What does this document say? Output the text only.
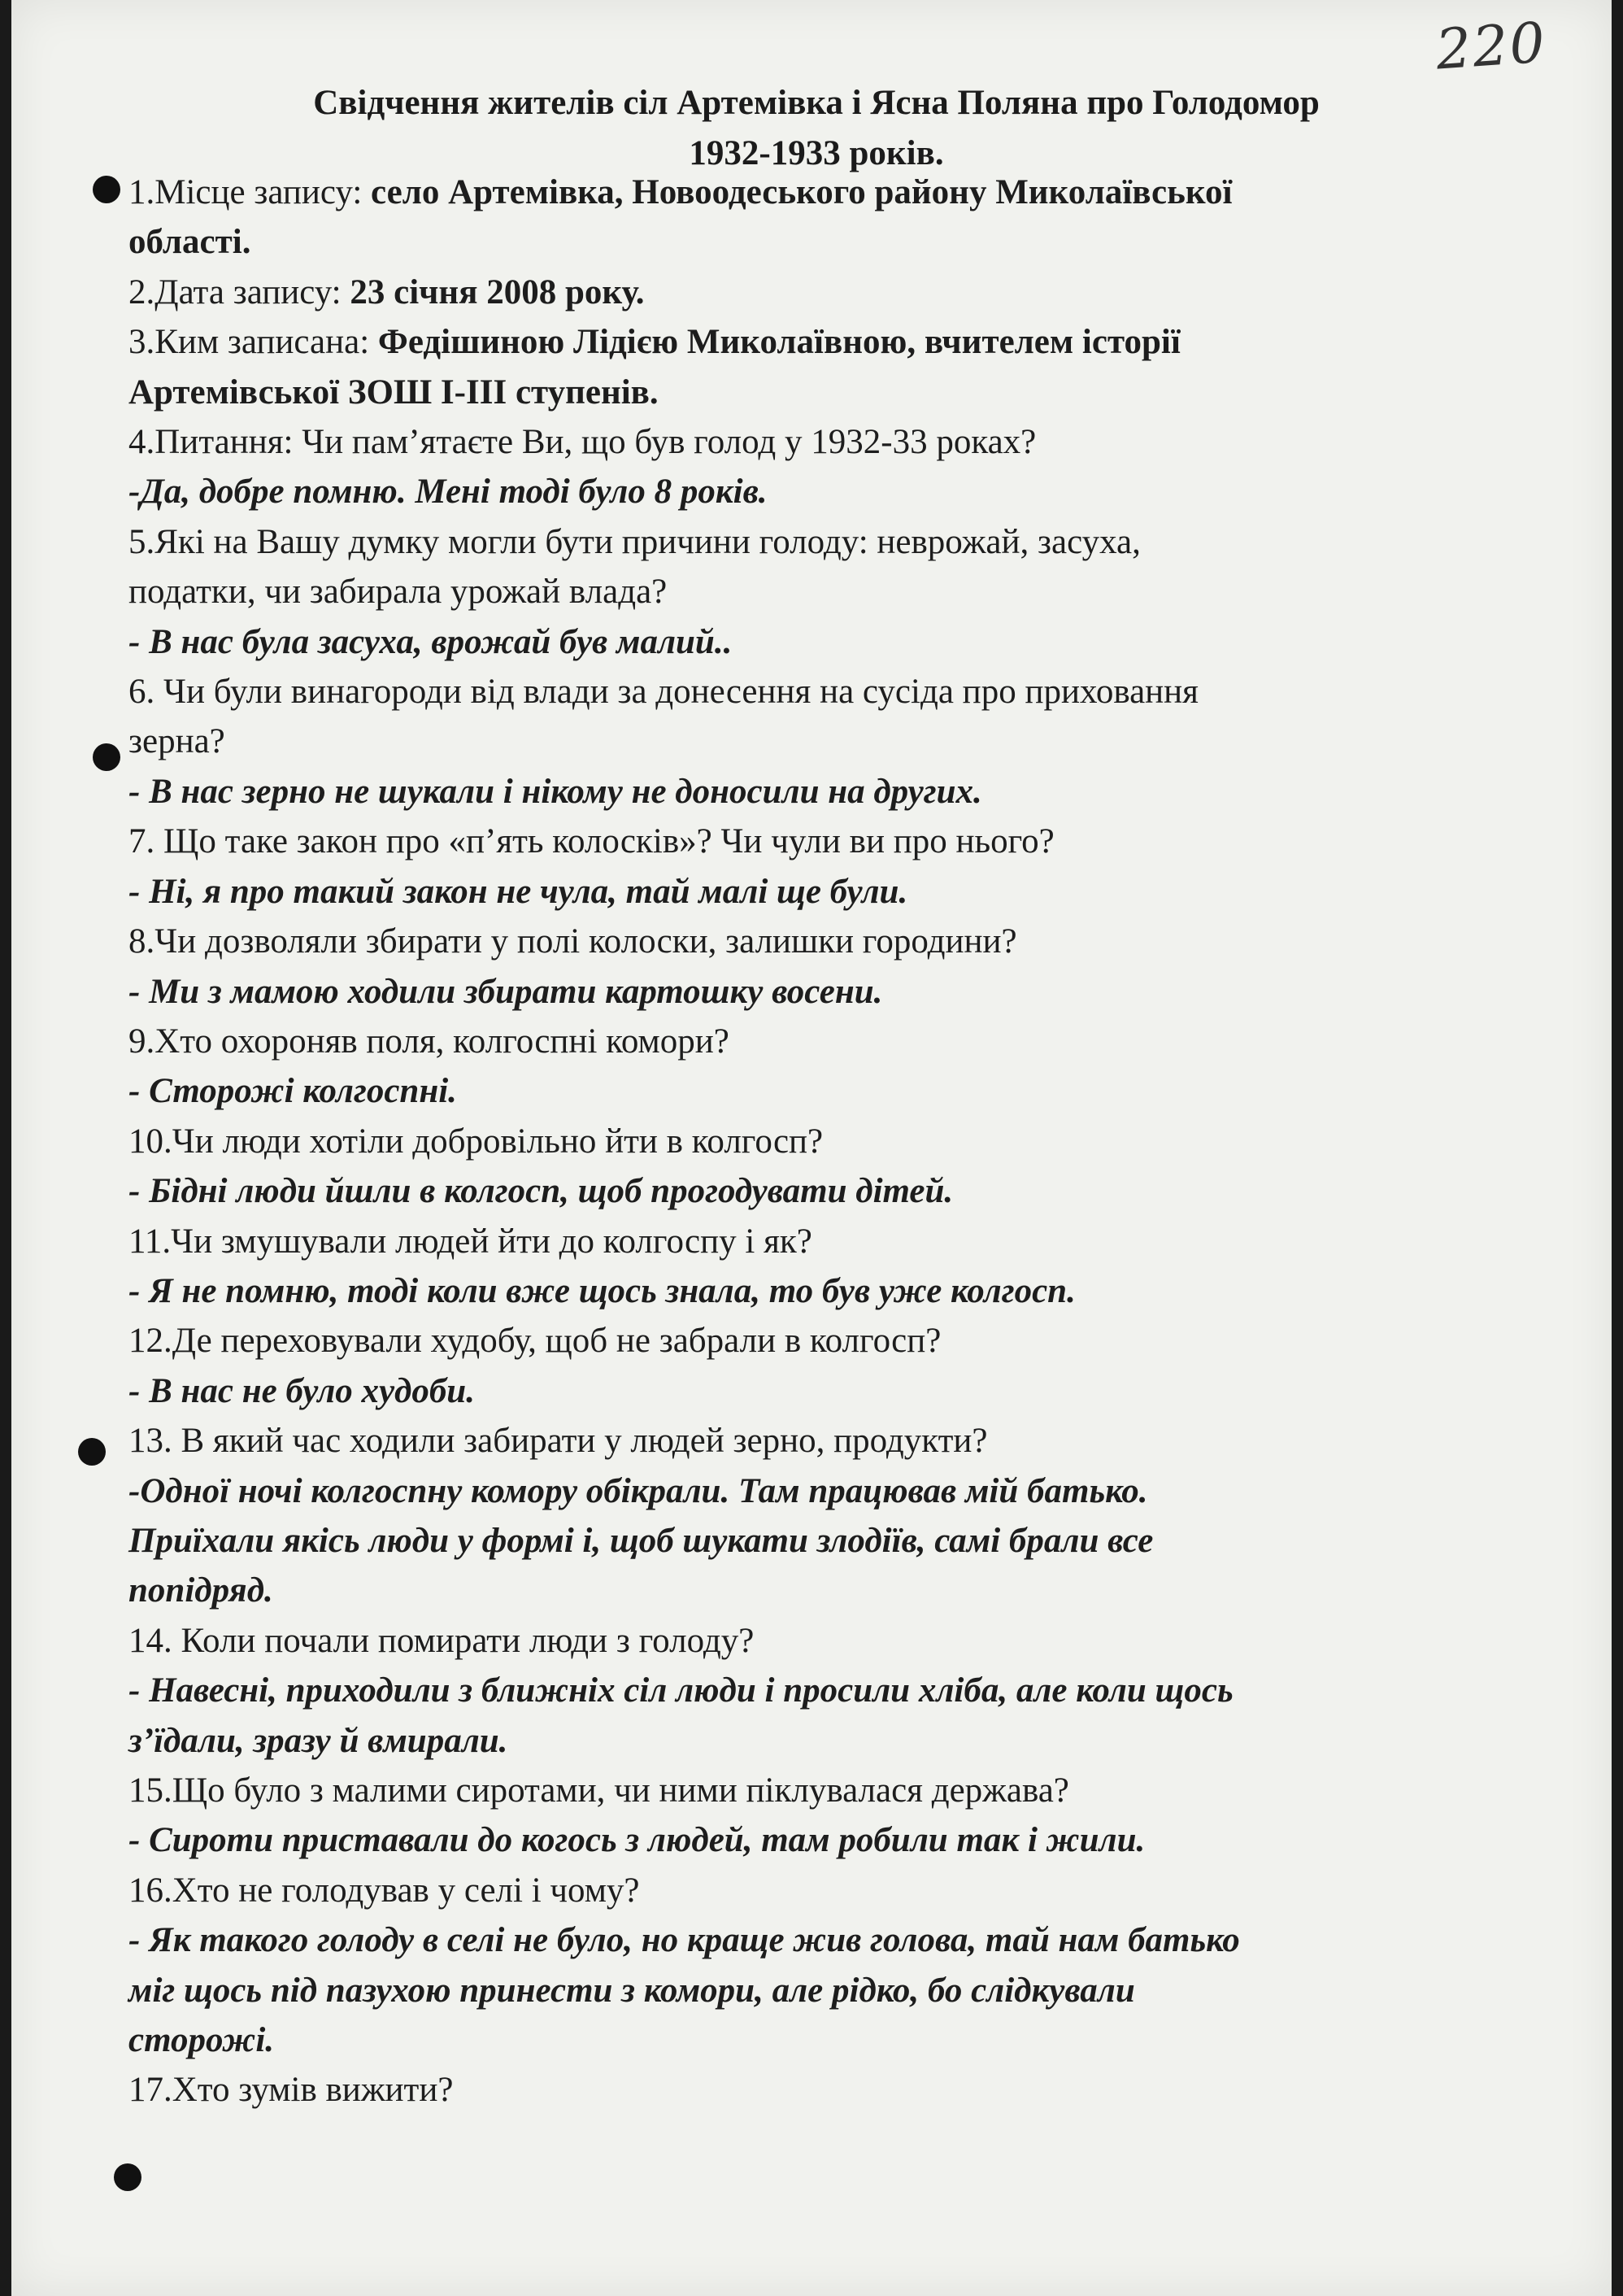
220
Свідчення жителів сіл Артемівка і Ясна Поляна про Голодомор
1932-1933 років.
1.Місце запису: село Артемівка, Новоодеського району Миколаївської
області.
2.Дата запису: 23 січня 2008 року.
3.Ким записана: Федішиною Лідією Миколаївною, вчителем історії
Артемівської ЗОШ І-ІІІ ступенів.
4.Питання: Чи пам’ятаєте Ви, що був голод у 1932-33 роках?
-Да, добре помню. Мені тоді було 8 років.
5.Які на Вашу думку могли бути причини голоду: неврожай, засуха,
податки, чи забирала урожай влада?
- В нас була засуха, врожай був малий..
6. Чи були винагороди від влади за донесення на сусіда про приховання
зерна?
- В нас зерно не шукали і нікому не доносили на других.
7. Що таке закон про «п’ять колосків»? Чи чули ви про нього?
- Ні, я про такий закон не чула, тай малі ще були.
8.Чи дозволяли збирати у полі колоски, залишки городини?
- Ми з мамою ходили збирати картошку восени.
9.Хто охороняв поля, колгоспні комори?
- Сторожі колгоспні.
10.Чи люди хотіли добровільно йти в колгосп?
- Бідні люди йшли в колгосп, щоб прогодувати дітей.
11.Чи змушували людей йти до колгоспу і як?
- Я не помню, тоді коли вже щось знала, то був уже колгосп.
12.Де переховували худобу, щоб не забрали в колгосп?
- В нас не було худоби.
13. В який час ходили забирати у людей зерно, продукти?
-Одної ночі колгоспну комору обікрали. Там працював мій батько.
Приїхали якісь люди у формі і, щоб шукати злодіїв, самі брали все
попідряд.
14. Коли почали помирати люди з голоду?
- Навесні, приходили з ближніх сіл люди і просили хліба, але коли щось
з’їдали, зразу й вмирали.
15.Що було з малими сиротами, чи ними піклувалася держава?
- Сироти приставали до когось з людей, там робили так і жили.
16.Хто не голодував у селі і чому?
- Як такого голоду в селі не було, но краще жив голова, тай нам батько
міг щось під пазухою принести з комори, але рідко, бо слідкували
сторожі.
17.Хто зумів вижити?
